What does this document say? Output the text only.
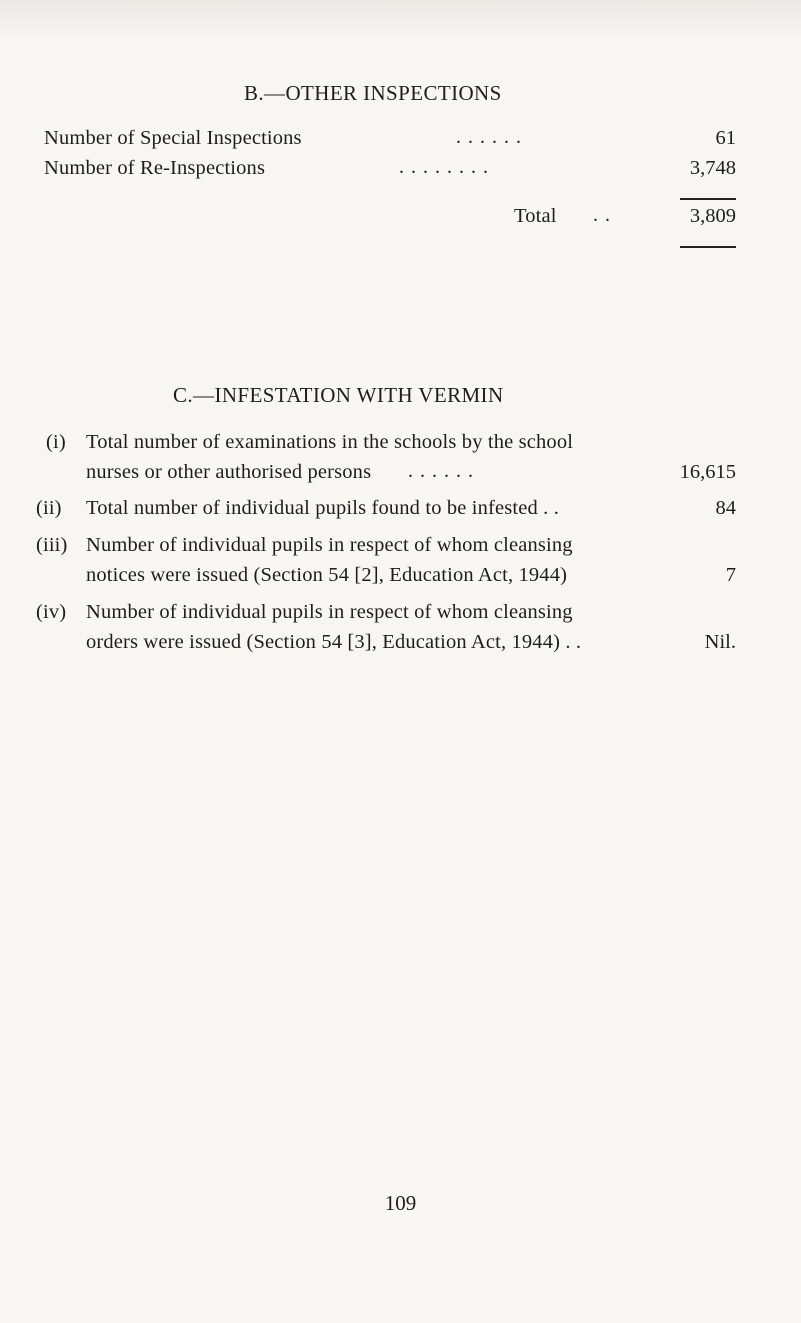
B.—OTHER INSPECTIONS
Number of Special Inspections	. . . . . .	61
Number of Re-Inspections	. . . . . . . .	3,748
Total . .	3,809
C.—INFESTATION WITH VERMIN
(i) Total number of examinations in the schools by the school
nurses or other authorised persons . . . . . .	16,615
(ii) Total number of individual pupils found to be infested . .	84
(iii) Number of individual pupils in respect of whom cleansing
notices were issued (Section 54 [2], Education Act, 1944)	7
(iv) Number of individual pupils in respect of whom cleansing
orders were issued (Section 54 [3], Education Act, 1944) . .	Nil.
109
